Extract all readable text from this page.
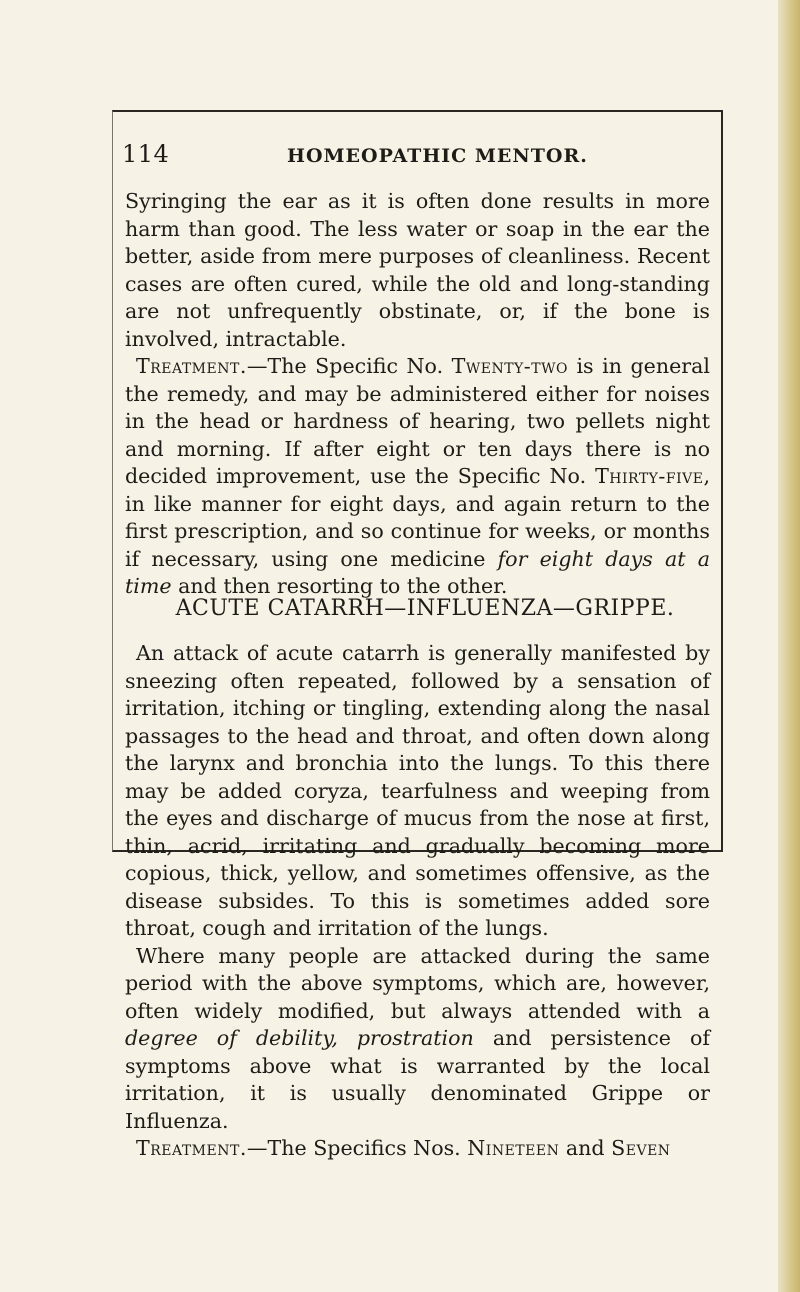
114	HOMEOPATHIC MENTOR.

Syringing the ear as it is often done results in more harm than good. The less water or soap in the ear the better, aside from mere purposes of cleanliness. Recent cases are often cured, while the old and long-standing are not unfrequently obstinate, or, if the bone is involved, intractable.

Treatment.—The Specific No. Twenty-two is in general the remedy, and may be administered either for noises in the head or hardness of hearing, two pellets night and morning. If after eight or ten days there is no decided improvement, use the Specific No. Thirty-five, in like manner for eight days, and again return to the first prescription, and so continue for weeks, or months if necessary, using one medicine for eight days at a time and then resorting to the other.

ACUTE CATARRH—INFLUENZA—GRIPPE.

An attack of acute catarrh is generally manifested by sneezing often repeated, followed by a sensation of irritation, itching or tingling, extending along the nasal passages to the head and throat, and often down along the larynx and bronchia into the lungs. To this there may be added coryza, tearfulness and weeping from the eyes and discharge of mucus from the nose at first, thin, acrid, irritating and gradually becoming more copious, thick, yellow, and sometimes offensive, as the disease subsides. To this is sometimes added sore throat, cough and irritation of the lungs.

Where many people are attacked during the same period with the above symptoms, which are, however, often widely modified, but always attended with a degree of debility, prostration and persistence of symptoms above what is warranted by the local irritation, it is usually denominated Grippe or Influenza.

Treatment.—The Specifics Nos. Nineteen and Seven
